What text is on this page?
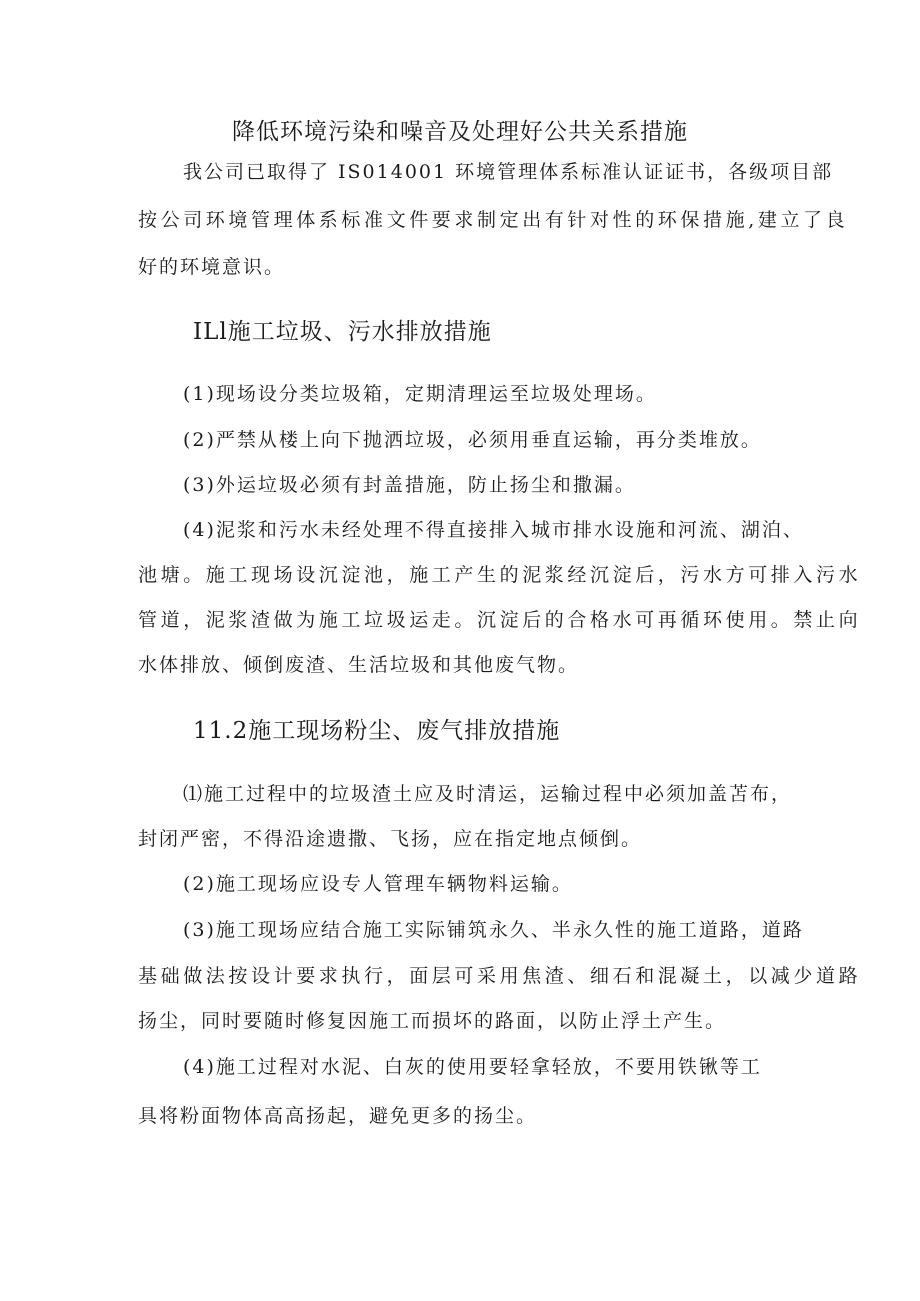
降低环境污染和噪音及处理好公共关系措施
我公司已取得了 IS014001 环境管理体系标准认证证书，各级项目部
按公司环境管理体系标准文件要求制定出有针对性的环保措施,建立了良
好的环境意识。
ILl施工垃圾、污水排放措施
(1)现场设分类垃圾箱，定期清理运至垃圾处理场。
(2)严禁从楼上向下抛洒垃圾，必须用垂直运输，再分类堆放。
(3)外运垃圾必须有封盖措施，防止扬尘和撒漏。
(4)泥浆和污水未经处理不得直接排入城市排水设施和河流、湖泊、
池塘。施工现场设沉淀池，施工产生的泥浆经沉淀后，污水方可排入污水
管道，泥浆渣做为施工垃圾运走。沉淀后的合格水可再循环使用。禁止向
水体排放、倾倒废渣、生活垃圾和其他废气物。
11.2施工现场粉尘、废气排放措施
⑴施工过程中的垃圾渣土应及时清运，运输过程中必须加盖苫布，
封闭严密，不得沿途遗撒、飞扬，应在指定地点倾倒。
(2)施工现场应设专人管理车辆物料运输。
(3)施工现场应结合施工实际铺筑永久、半永久性的施工道路，道路
基础做法按设计要求执行，面层可采用焦渣、细石和混凝土，以减少道路
扬尘，同时要随时修复因施工而损坏的路面，以防止浮土产生。
(4)施工过程对水泥、白灰的使用要轻拿轻放，不要用铁锹等工
具将粉面物体高高扬起，避免更多的扬尘。
